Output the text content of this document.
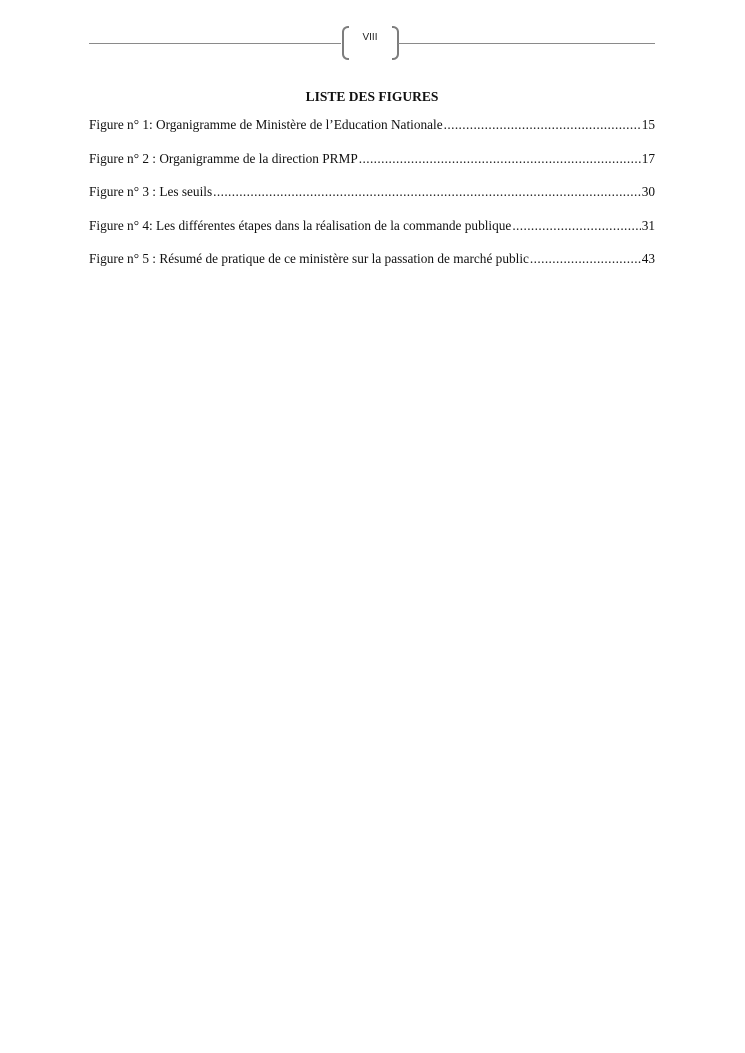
VIII
LISTE DES FIGURES
Figure n° 1: Organigramme de Ministère de l’Education Nationale .....	15
Figure n° 2 : Organigramme de la direction PRMP .....	17
Figure n° 3 : Les seuils .....	30
Figure n° 4: Les différentes étapes dans la réalisation de la commande publique .....	31
Figure n° 5 : Résumé de pratique de ce ministère sur la passation de marché public .....	43
